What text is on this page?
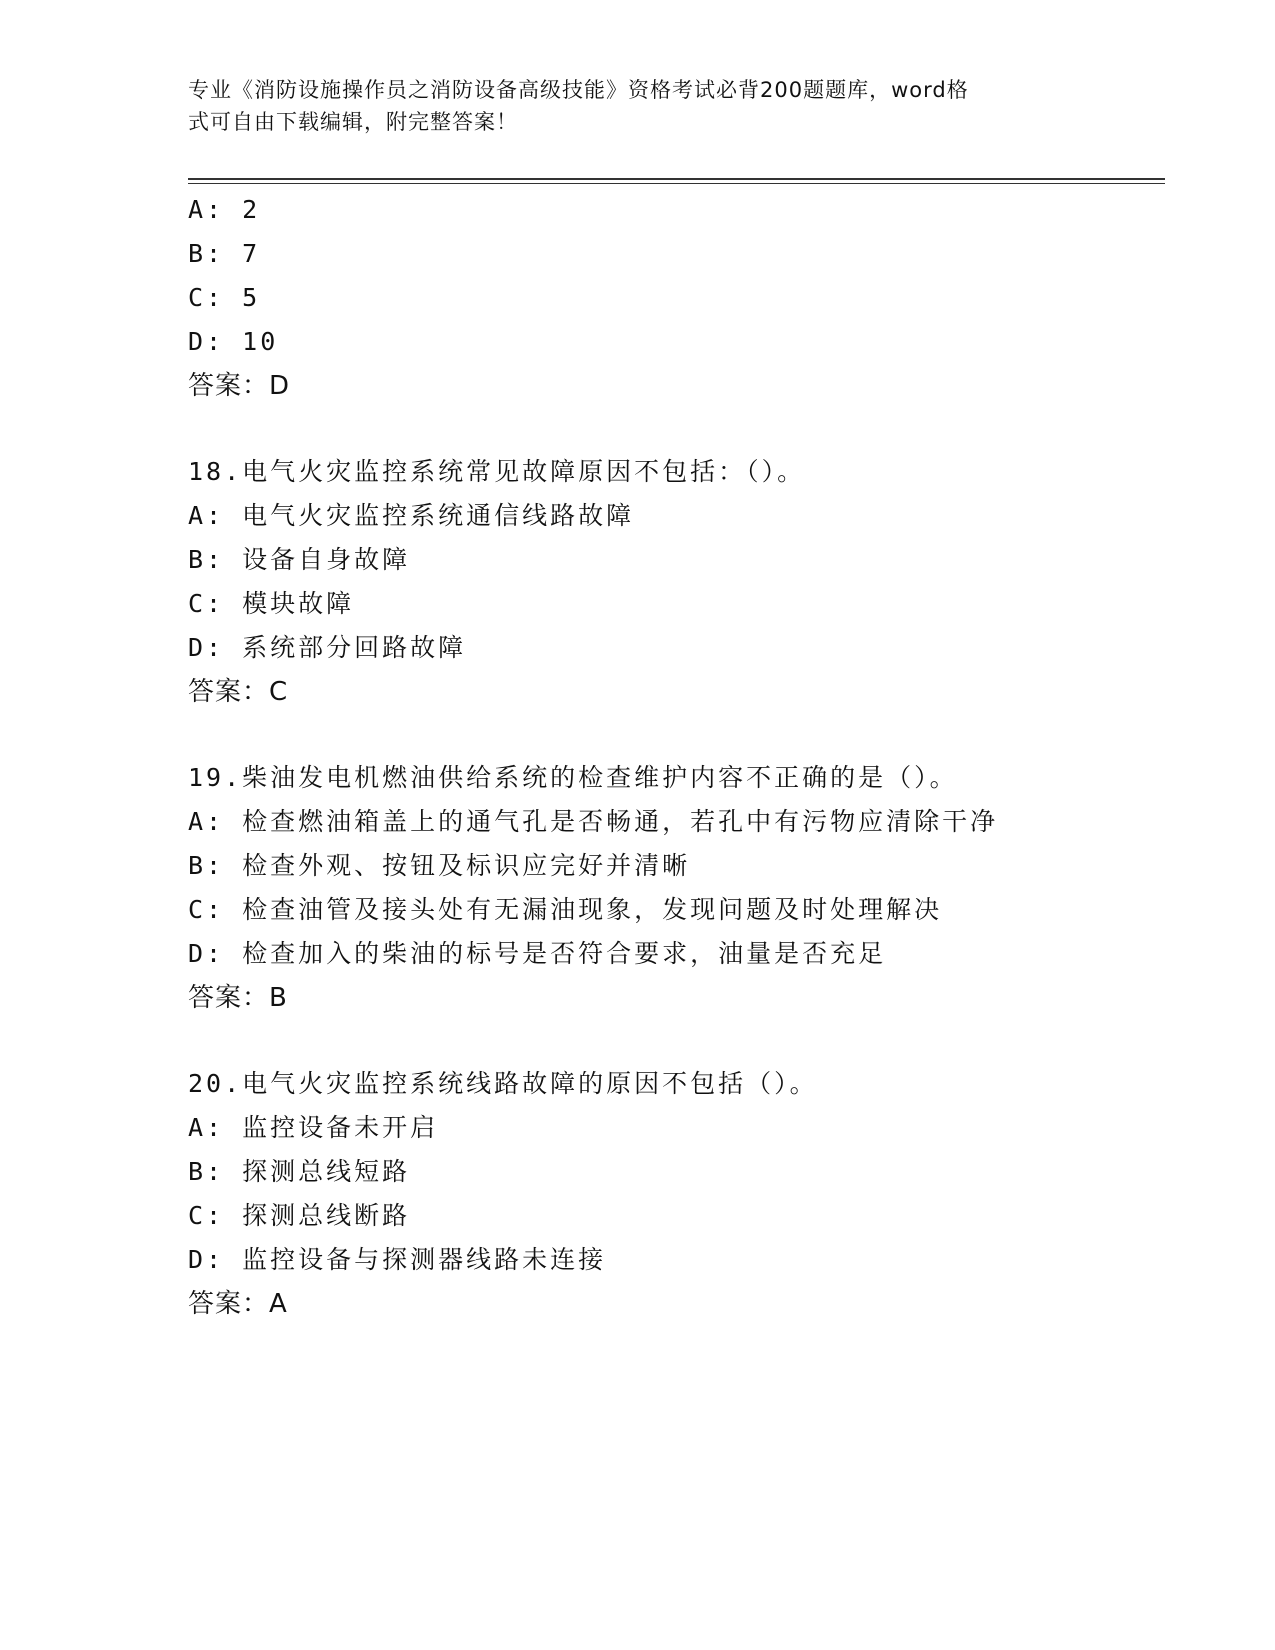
专业《消防设施操作员之消防设备高级技能》资格考试必背200题题库，word格
式可自由下载编辑，附完整答案！
A: 2
B: 7
C: 5
D: 10
答案：D
18.电气火灾监控系统常见故障原因不包括：（）。
A: 电气火灾监控系统通信线路故障
B: 设备自身故障
C: 模块故障
D: 系统部分回路故障
答案：C
19.柴油发电机燃油供给系统的检查维护内容不正确的是（）。
A: 检查燃油箱盖上的通气孔是否畅通，若孔中有污物应清除干净
B: 检查外观、按钮及标识应完好并清晰
C: 检查油管及接头处有无漏油现象，发现问题及时处理解决
D: 检查加入的柴油的标号是否符合要求，油量是否充足
答案：B
20.电气火灾监控系统线路故障的原因不包括（）。
A: 监控设备未开启
B: 探测总线短路
C: 探测总线断路
D: 监控设备与探测器线路未连接
答案：A
